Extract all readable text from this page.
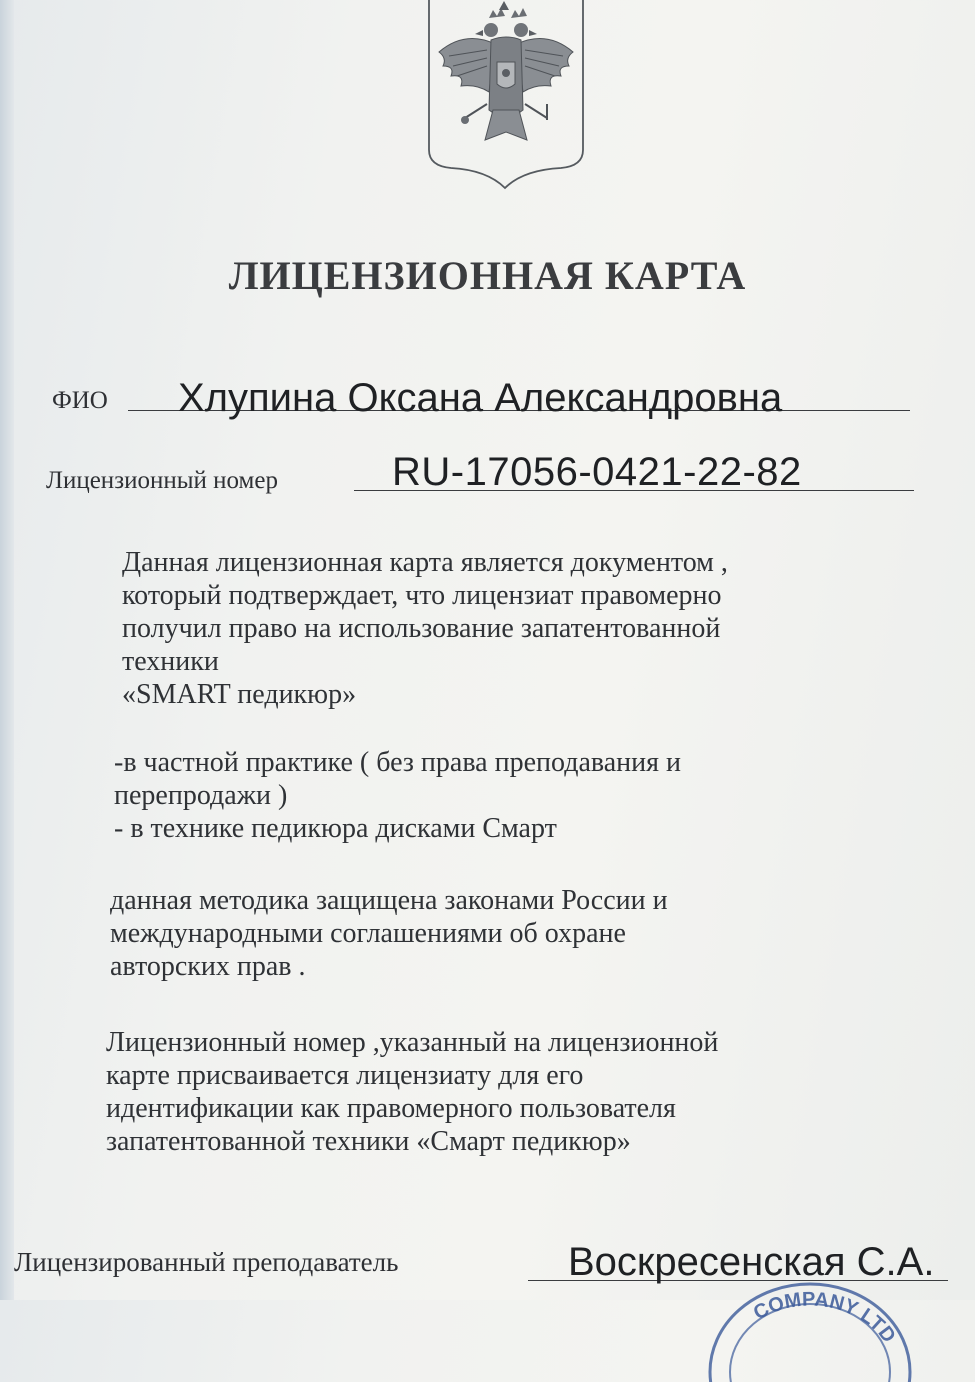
ЛИЦЕНЗИОННАЯ КАРТА
ФИО Хлупина Оксана Александровна
Лицензионный номер	RU-17056-0421-22-82
Данная лицензионная карта является документом ,
который подтверждает, что лицензиат правомерно
получил право на использование запатентованной
техники
«SMART педикюр»
-в частной практике ( без права преподавания и
перепродажи )
- в технике педикюра дисками Смарт
данная методика защищена законами России и
международными соглашениями об охране
авторских прав .
Лицензионный номер ,указанный на лицензионной
карте присваивается лицензиату для его
идентификации как правомерного пользователя
запатентованной техники «Смарт педикюр»
Лицензированный преподаватель
COMPANY LTD
Воскресенская С.А.
